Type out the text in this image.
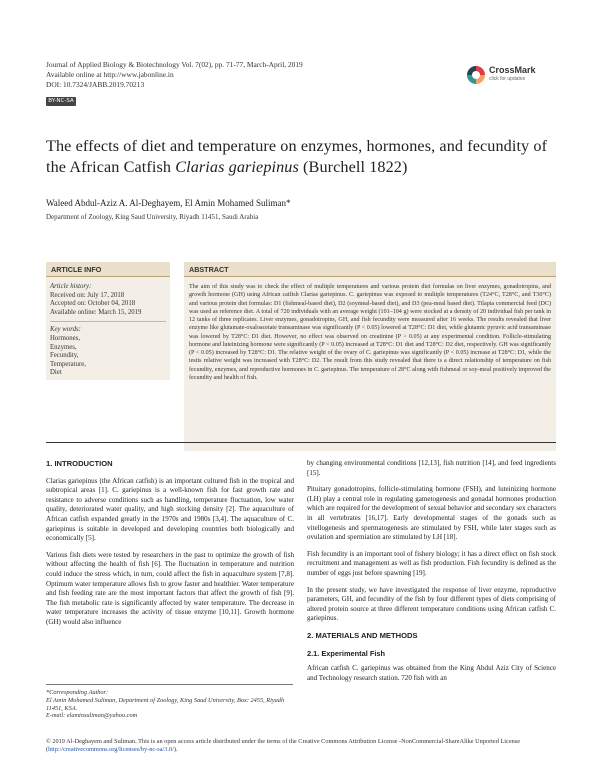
Journal of Applied Biology & Biotechnology Vol. 7(02), pp. 71-77, March-April, 2019
Available online at http://www.jabonline.in
DOI: 10.7324/JABB.2019.70213
BY-NC-SA
CrossMark
click for updates
The effects of diet and temperature on enzymes, hormones, and fecundity of the African Catfish Clarias gariepinus (Burchell 1822)
Waleed Abdul-Aziz A. Al-Deghayem, El Amin Mohamed Suliman*
Department of Zoology, King Saud University, Riyadh 11451, Saudi Arabia
ARTICLE INFO
Article history:
Received on: July 17, 2018
Accepted on: October 04, 2018
Available online: March 15, 2019
Key words:
Hormones,
Enzymes,
Fecundity,
Temperature,
Diet
ABSTRACT
The aim of this study was to check the effect of multiple temperatures and various protein diet formulas on liver enzymes, gonadotropins, and growth hormone (GH) using African catfish Clarias gariepinus. C. gariepinus was exposed to multiple temperatures (T24°C, T28°C, and T30°C) and various protein diet formulas: D1 (fishmeal-based diet), D2 (soymeal-based diet), and D3 (pea-meal based diet). Tilapia commercial feed (DC) was used as reference diet. A total of 720 individuals with an average weight (101–104 g) were stocked at a density of 20 individual fish per tank in 12 tanks of three replicates. Liver enzymes, gonadotropins, GH, and fish fecundity were measured after 16 weeks. The results revealed that liver enzyme like glutamate-oxaloacetate transaminase was significantly (P < 0.05) lowered at T28°C: D1 diet, while glutamic pyruvic acid transaminase was lowered by T28°C: D1 diet. However, no effect was observed on creatinine (P > 0.05) at any experimental condition. Follicle-stimulating hormone and luteinizing hormone were significantly (P < 0.05) increased at T28°C: D1 diet and T28°C: D2 diet, respectively. GH was significantly (P < 0.05) increased by T28°C: D1. The relative weight of the ovary of C. gariepinus was significantly (P < 0.05) increase at T28°C: D1, while the testis relative weight was increased with T28°C: D2. The result from this study revealed that there is a direct relationship of temperature on fish fecundity, enzymes, and reproductive hormones in C. gariepinus. The temperature of 28°C along with fishmeal or soy-meal positively improved the fecundity and health of fish.
1. INTRODUCTION

Clarias gariepinus (the African catfish) is an important cultured fish in the tropical and subtropical areas [1]. C. gariepinus is a well-known fish for fast growth rate and resistance to adverse conditions such as handling, temperature fluctuation, low water quality, deteriorated water quality, and high stocking density [2]. The aquaculture of African catfish expanded greatly in the 1970s and 1980s [3,4]. The aquaculture of C. gariepinus is suitable in developed and developing countries both biologically and economically [5].

Various fish diets were tested by researchers in the past to optimize the growth of fish without affecting the health of fish [6]. The fluctuation in temperature and nutrition could induce the stress which, in turn, could affect the fish in aquaculture system [7,8]. Optimum water temperature allows fish to grow faster and healthier. Water temperature and fish feeding rate are the most important factors that affect the growth of fish [9]. The fish metabolic rate is significantly affected by water temperature. The decrease in water temperature increases the activity of tissue enzyme [10,11]. Growth hormone (GH) would also influence

by changing environmental conditions [12,13], fish nutrition [14], and feed ingredients [15].

Pituitary gonadotropins, follicle-stimulating hormone (FSH), and luteinizing hormone (LH) play a central role in regulating gametogenesis and gonadal hormones production which are required for the development of sexual behavior and secondary sex characters in all vertebrates [16,17]. Early developmental stages of the gonads such as vitellogenesis and spermatogenesis are stimulated by FSH, while later stages such as ovulation and spermiation are stimulated by LH [18].

Fish fecundity is an important tool of fishery biology; it has a direct effect on fish stock recruitment and management as well as fish production. Fish fecundity is defined as the number of eggs just before spawning [19].

In the present study, we have investigated the response of liver enzyme, reproductive parameters, GH, and fecundity of the fish by four different types of diets comprising of altered protein source at three different temperature conditions using African catfish C. gariepinus.

2. MATERIALS AND METHODS
2.1. Experimental Fish

African catfish C. gariepinus was obtained from the King Abdul Aziz City of Science and Technology research station. 720 fish with an

*Corresponding Author:
El Amin Mohamed Suliman, Department of Zoology, King Saud University, Box: 2455, Riyadh 11451, KSA.
E-mail: elaminsuliman@yahoo.com
© 2019 Al-Deghayem and Suliman. This is an open access article distributed under the terms of the Creative Commons Attribution License -NonCommercial-ShareAlike Unported License (http://creativecommons.org/licenses/by-nc-sa/3.0/).
